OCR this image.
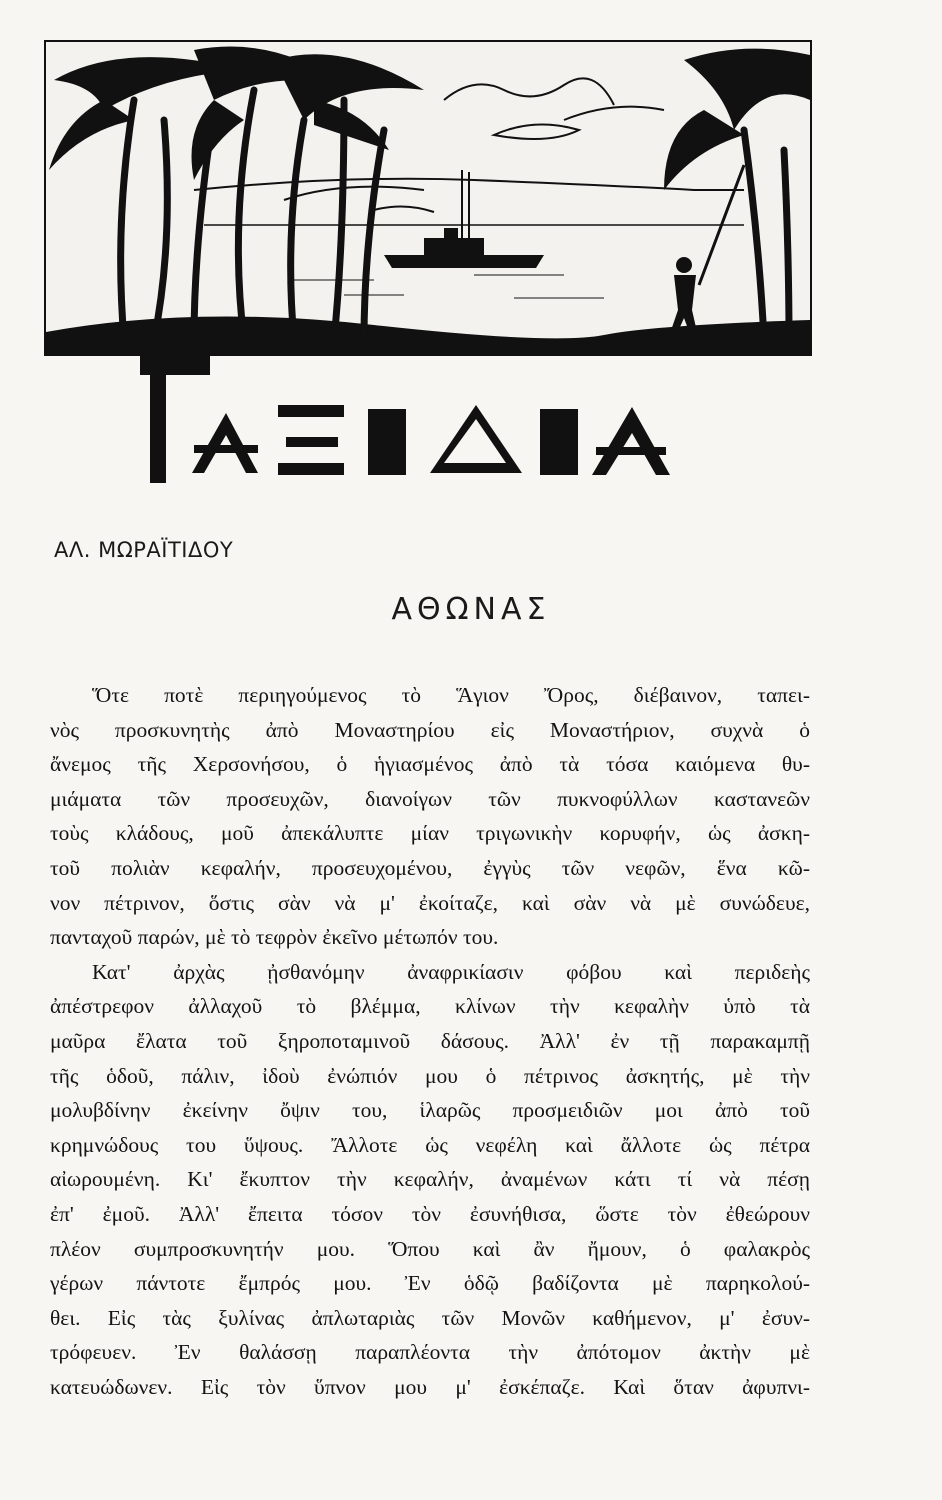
ΑΛ. ΜΩΡΑΪΤΙΔΟΥ
ΑΘΩΝΑΣ
Ὅτε ποτὲ περιηγούμενος τὸ Ἅγιον Ὄρος, διέβαινον, ταπει-
νὸς προσκυνητὴς ἀπὸ Μοναστηρίου εἰς Μοναστήριον, συχνὰ ὁ
ἄνεμος τῆς Χερσονήσου, ὁ ἡγιασμένος ἀπὸ τὰ τόσα καιόμενα θυ-
μιάματα τῶν προσευχῶν, διανοίγων τῶν πυκνοφύλλων καστανεῶν
τοὺς κλάδους, μοῦ ἀπεκάλυπτε μίαν τριγωνικὴν κορυφήν, ὡς ἀσκη-
τοῦ πολιὰν κεφαλήν, προσευχομένου, ἐγγὺς τῶν νεφῶν, ἕνα κῶ-
νον πέτρινον, ὅστις σὰν νὰ μ' ἐκοίταζε, καὶ σὰν νὰ μὲ συνώδευε,
πανταχοῦ παρών, μὲ τὸ τεφρὸν ἐκεῖνο μέτωπόν του.
Κατ' ἀρχὰς ᾐσθανόμην ἀναφρικίασιν φόβου καὶ περιδεὴς
ἀπέστρεφον ἀλλαχοῦ τὸ βλέμμα, κλίνων τὴν κεφαλὴν ὑπὸ τὰ
μαῦρα ἔλατα τοῦ ξηροποταμινοῦ δάσους. Ἀλλ' ἐν τῇ παρακαμπῇ
τῆς ὁδοῦ, πάλιν, ἰδοὺ ἐνώπιόν μου ὁ πέτρινος ἀσκητής, μὲ τὴν
μολυβδίνην ἐκείνην ὄψιν του, ἱλαρῶς προσμειδιῶν μοι ἀπὸ τοῦ
κρημνώδους του ὕψους. Ἄλλοτε ὡς νεφέλη καὶ ἄλλοτε ὡς πέτρα
αἰωρουμένη. Κι' ἔκυπτον τὴν κεφαλήν, ἀναμένων κάτι τί νὰ πέσῃ
ἐπ' ἐμοῦ. Ἀλλ' ἔπειτα τόσον τὸν ἐσυνήθισα, ὥστε τὸν ἐθεώρουν
πλέον συμπροσκυνητήν μου. Ὅπου καὶ ἂν ἤμουν, ὁ φαλακρὸς
γέρων πάντοτε ἔμπρός μου. Ἐν ὁδῷ βαδίζοντα μὲ παρηκολού-
θει. Εἰς τὰς ξυλίνας ἀπλωταριὰς τῶν Μονῶν καθήμενον, μ' ἐσυν-
τρόφευεν. Ἐν θαλάσσῃ παραπλέοντα τὴν ἀπότομον ἀκτὴν μὲ
κατευώδωνεν. Εἰς τὸν ὕπνον μου μ' ἐσκέπαζε. Καὶ ὅταν ἀφυπνι-
